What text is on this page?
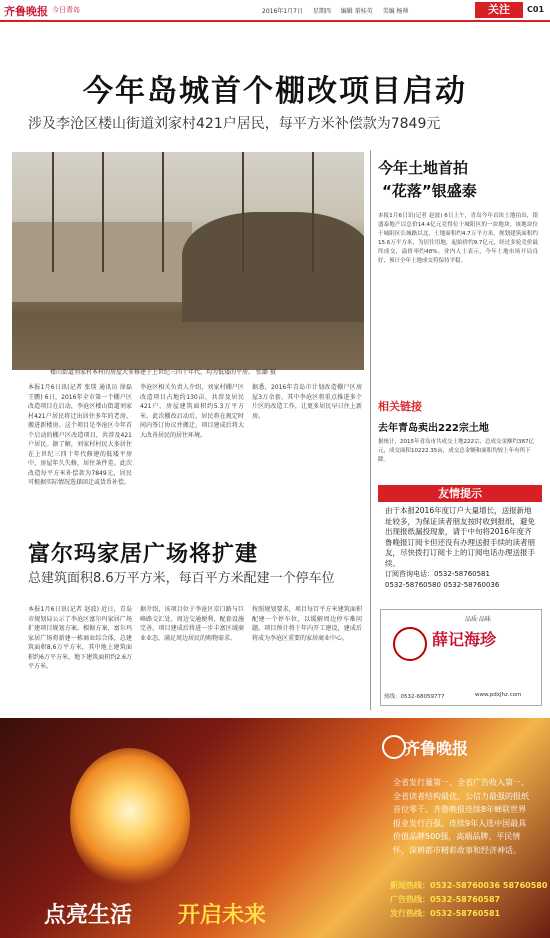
齐鲁晚报 今日青岛	2016年1月7日 星期四 编辑 董桂英 美编 杨帅	关注	C01
今年岛城首个棚改项目启动
涉及李沧区楼山街道刘家村421户居民，每平方米补偿款为7849元
楼山街道刘家村本村的房屋大多修建于上世纪三四十年代，均为低矮的平房。 张璐 摄
本报1月6日讯(记者 张琰 通讯员 徐磊 王鹏) 6日，2016年全市第一个棚户区改造项目在启动，李沧区楼山街道刘家村421户居民将迁出居住多年的老房，搬进新楼房。这个项目是李沧区今年首个启动的棚户区改造项目，共涉及421户居民。据了解，刘家村村民大多居住在上世纪三四十年代修建的低矮平房中，房屋年久失修，居住条件差。此次改造每平方米补偿款为7849元，居民可根据实际情况选择回迁或货币补偿。
李沧区相关负责人介绍，刘家村棚户区改造项目占地约130亩，共涉及居民421户，房屋建筑面积约5.3万平方米。此次棚改启动后，居民将在规定时间内签订协议并搬迁，项目建成后将大大改善居民的居住环境。
据悉，2016年青岛市计划改造棚户区房屋3万余套，其中李沧区将重点推进多个片区的改造工作，让更多居民早日住上新房。
今年土地首拍
“花落”银盛泰
本报1月6日讯(记者 赵波) 6日上午，青岛今年首块土地拍出，银盛泰地产以总价14.4亿元竞得位于城阳区的一块地块。该地块位于城阳区长城路以北，土地面积约4.7万平方米，规划建筑面积约15.6万平方米，为居住用地，起始价约9.7亿元，经过多轮竞价最终成交，溢价率约48%。业内人士表示，今年土地市场开局良好，预计全年土地成交将保持平稳。
相关链接
去年青岛卖出222宗土地
据统计，2015年青岛市共成交土地222宗，总成交金额约387亿元，成交面积10222.35亩，成交总金额和面积均较上年有所下降。
友情提示
由于本报2016年度订户大量增长，送报新地址较多，为保证读者朋友按时收到报纸，避免出现报纸漏投现象，请于中旬将2016年度齐鲁晚报订阅卡但还没有办理送报手续的读者朋友，尽快拨打订阅卡上的订阅电话办理送报手续。
订阅咨询电话：0532-58760581
0532-58760580 0532-58760036
品质·品味
薛记海珍
热线：0532-68059777	www.pdxjhz.com
富尔玛家居广场将扩建
总建筑面积8.6万平方米，每百平方米配建一个停车位
本报1月6日讯(记者 赵波) 近日，青岛市规划局公示了李沧区富尔玛家居广场扩建项目规划方案。根据方案，富尔玛家居广场将新建一栋商业综合体，总建筑面积8.6万平方米，其中地上建筑面积约6万平方米，地下建筑面积约2.6万平方米。
据介绍，该项目位于李沧区京口路与巨峰路交汇处，周边交通便利，配套设施完善。项目建成后将进一步丰富区域商业业态，满足周边居民的购物需求。
按照规划要求，项目每百平方米建筑面积配建一个停车位，以缓解周边停车难问题。项目预计将于年内开工建设，建成后将成为李沧区重要的家居商业中心。
齐鲁晚报
全省发行量第一、全省广告收入第一、全省读者结构最优、公信力最强的报纸首位零干。齐鲁晚报连续8年蝉联世界报业发行百强，连续9年入选中国最具价值品牌500强，高端品牌、平民情怀，深耕都市精彩故事和经济神话。
点亮生活 开启未来
新闻热线：0532-58760036 58760580
广告热线：0532-58760587
发行热线：0532-58760581
